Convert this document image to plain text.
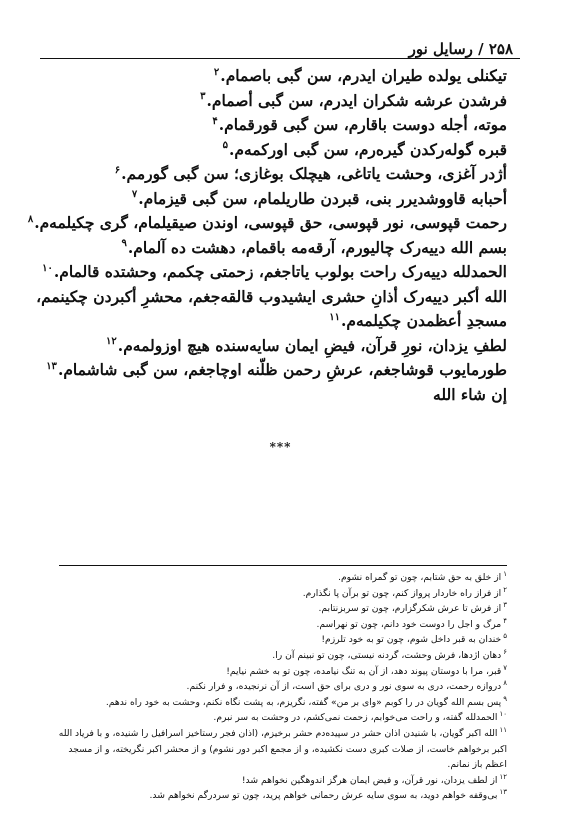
۲۵۸ / رسایل نور
تیکنلی یولده طیران ایدرم، سن گبی باصمام.$^۲$
فرشدن عرشه شکران ایدرم، سن گبی أصمام.$^۳$
موته، أجله دوست باقارم، سن گبی قورقمام.$^۴$
قبره گوله‌رکدن گیرەرم، سن گبی اورکمەم.$^۵$
أژدر آغزی، وحشت یاتاغی، هیچلک بوغازی؛ سن گبی گورمم.$^۶$
أحبابه قاووشدیرر بنی، قبردن طاریلمام، سن گبی قیزمام.$^۷$
رحمت قپوسی، نور قپوسی، حق قپوسی، اوندن صیقیلمام، گری چکیلمەم.$^۸$
بسم الله دییه‌رک چالیورم، آرقەمه باقمام، دهشت ده آلمام.$^۹$
الحمدلله دییه‌رک راحت بولوب یاتاجغم، زحمتی چکمم، وحشتده قالمام.$^{۱۰}$
الله أكبر دییه‌رک أذانِ حشری ایشیدوب قالقەجغم، محشرِ أكبردن چکینمم،
مسجدِ أعظمدن چکیلمەم.$^{۱۱}$
لطفِ یزدان، نورِ قرآن، فیضِ ایمان سایەسنده هیچ اوزولمەم.$^{۱۲}$
طورمایوب قوشاجغم، عرشِ رحمن ظلّنه اوچاجغم، سن گبی شاشمام.$^{۱۳}$
إن شاء الله
***
$^۱$از خلق به حق شتابم، چون تو گمراه نشوم.
$^۲$از فراز راه خاردار پرواز کنم، چون تو برآن پا نگذارم.
$^۳$از فرش تا عرش شکرگزارم، چون تو سربزنتابم.
$^۴$مرگ و اجل را دوست خود دانم، چون تو نهراسم.
$^۵$خندان به قبر داخل شوم، چون تو به خود تلرزم!
$^۶$دهان اژدها، فرش وحشت، گردنه نیستی، چون تو نبینم آن را.
$^۷$قبر، مرا با دوستان پیوند دهد، از آن به تنگ نیامده، چون تو به خشم نیایم!
$^۸$دروازه رحمت، دری به سوی نور و دری برای حق است، از آن نرنجیده، و فرار نکنم.
$^۹$پس بسم الله گویان در را کوبم «وای بر من» گفته، نگریزم، به پشت نگاه نکنم، وحشت به خود راه ندهم.
$^{۱۰}$الحمدلله گفته، و راحت می‌خوابم، زحمت نمی‌کشم، در وحشت به سر نبرم.
$^{۱۱}$الله اكبر گویان، با شنیدن اذان حشر در سپیده‌دم حشر برخیزم، (اذان فجر رستاخیز اسرافیل را شنیده، و با فریاد الله اكبر برخواهم خاست، از صلات کبری دست نکشیده، و از مجمع اکبر دور نشوم) و از محشر اكبر نگریخته، و از مسجد اعظم باز نمانم.
$^{۱۲}$از لطف یزدان، نور قرآن، و فیض ایمان هرگز اندوهگین نخواهم شد!
$^{۱۳}$بی‌وقفه خواهم دوید، به سوی سایه عرش رحمانی خواهم پرید، چون تو سردرگم نخواهم شد.
